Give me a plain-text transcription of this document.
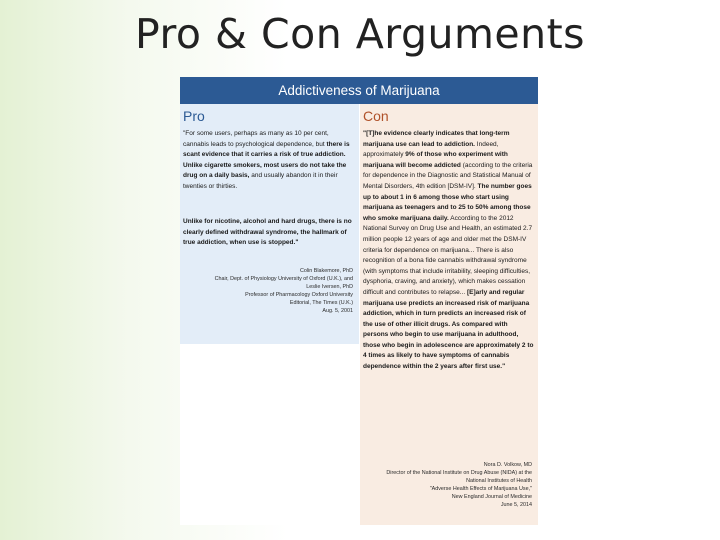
Pro & Con Arguments
Addictiveness of Marijuana
Pro

"For some users, perhaps as many as 10 per cent, cannabis leads to psychological dependence, but there is scant evidence that it carries a risk of true addiction. Unlike cigarette smokers, most users do not take the drug on a daily basis, and usually abandon it in their twenties or thirties.

Unlike for nicotine, alcohol and hard drugs, there is no clearly defined withdrawal syndrome, the hallmark of true addiction, when use is stopped."

Colin Blakemore, PhD
Chair, Dept. of Physiology University of Oxford (U.K.), and
Leslie Iversen, PhD
Professor of Pharmacology Oxford University
Editorial, The Times (U.K.)
Aug. 5, 2001
Con

"[T]he evidence clearly indicates that long-term marijuana use can lead to addiction. Indeed, approximately 9% of those who experiment with marijuana will become addicted (according to the criteria for dependence in the Diagnostic and Statistical Manual of Mental Disorders, 4th edition [DSM-IV]. The number goes up to about 1 in 6 among those who start using marijuana as teenagers and to 25 to 50% among those who smoke marijuana daily. According to the 2012 National Survey on Drug Use and Health, an estimated 2.7 million people 12 years of age and older met the DSM-IV criteria for dependence on marijuana... There is also recognition of a bona fide cannabis withdrawal syndrome (with symptoms that include irritability, sleeping difficulties, dysphoria, craving, and anxiety), which makes cessation difficult and contributes to relapse... [E]arly and regular marijuana use predicts an increased risk of marijuana addiction, which in turn predicts an increased risk of the use of other illicit drugs. As compared with persons who begin to use marijuana in adulthood, those who begin in adolescence are approximately 2 to 4 times as likely to have symptoms of cannabis dependence within the 2 years after first use."

Nora D. Volkow, MD
Director of the National Institute on Drug Abuse (NIDA) at the
National Institutes of Health
"Adverse Health Effects of Marijuana Use,"
New England Journal of Medicine
June 5, 2014
